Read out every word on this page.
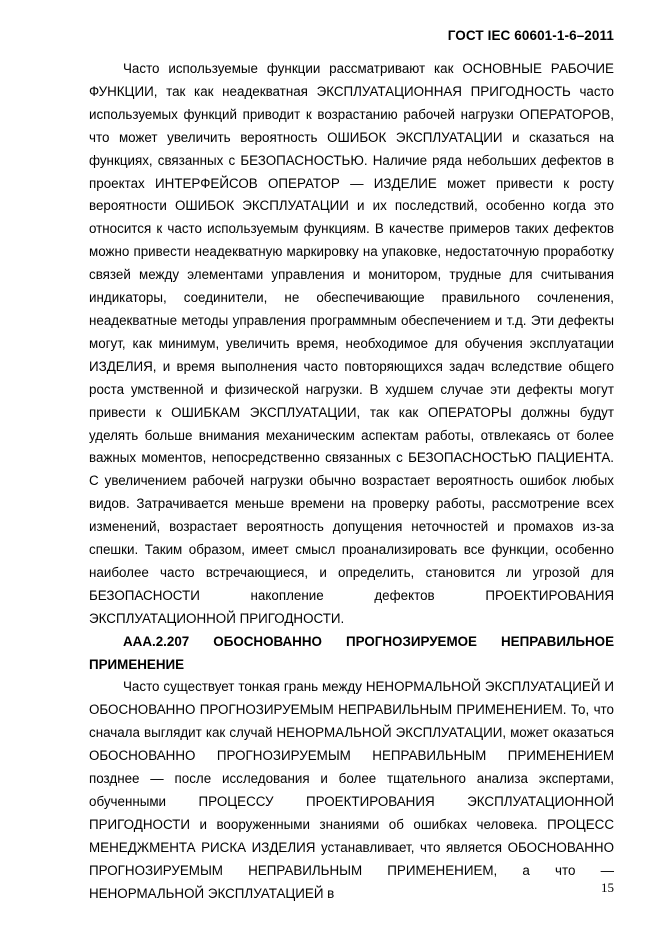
ГОСТ IEC 60601-1-6–2011

Часто используемые функции рассматривают как ОСНОВНЫЕ РАБОЧИЕ ФУНКЦИИ, так как неадекватная ЭКСПЛУАТАЦИОННАЯ ПРИГОДНОСТЬ часто используемых функций приводит к возрастанию рабочей нагрузки ОПЕРАТОРОВ, что может увеличить вероятность ОШИБОК ЭКСПЛУАТАЦИИ и сказаться на функциях, связанных с БЕЗОПАСНОСТЬЮ. Наличие ряда небольших дефектов в проектах ИНТЕРФЕЙСОВ ОПЕРАТОР — ИЗДЕЛИЕ может привести к росту вероятности ОШИБОК ЭКСПЛУАТАЦИИ и их последствий, особенно когда это относится к часто используемым функциям. В качестве примеров таких дефектов можно привести неадекватную маркировку на упаковке, недостаточную проработку связей между элементами управления и монитором, трудные для считывания индикаторы, соединители, не обеспечивающие правильного сочленения, неадекватные методы управления программным обеспечением и т.д. Эти дефекты могут, как минимум, увеличить время, необходимое для обучения эксплуатации ИЗДЕЛИЯ, и время выполнения часто повторяющихся задач вследствие общего роста умственной и физической нагрузки. В худшем случае эти дефекты могут привести к ОШИБКАМ ЭКСПЛУАТАЦИИ, так как ОПЕРАТОРЫ должны будут уделять больше внимания механическим аспектам работы, отвлекаясь от более важных моментов, непосредственно связанных с БЕЗОПАСНОСТЬЮ ПАЦИЕНТА. С увеличением рабочей нагрузки обычно возрастает вероятность ошибок любых видов. Затрачивается меньше времени на проверку работы, рассмотрение всех изменений, возрастает вероятность допущения неточностей и промахов из-за спешки. Таким образом, имеет смысл проанализировать все функции, особенно наиболее часто встречающиеся, и определить, становится ли угрозой для БЕЗОПАСНОСТИ накопление дефектов ПРОЕКТИРОВАНИЯ ЭКСПЛУАТАЦИОННОЙ ПРИГОДНОСТИ.

AAA.2.207 ОБОСНОВАННО ПРОГНОЗИРУЕМОЕ НЕПРАВИЛЬНОЕ

ПРИМЕНЕНИЕ

Часто существует тонкая грань между НЕНОРМАЛЬНОЙ ЭКСПЛУАТАЦИЕЙ И ОБОСНОВАННО ПРОГНОЗИРУЕМЫМ НЕПРАВИЛЬНЫМ ПРИМЕНЕНИЕМ. То, что сначала выглядит как случай НЕНОРМАЛЬНОЙ ЭКСПЛУАТАЦИИ, может оказаться ОБОСНОВАННО ПРОГНОЗИРУЕМЫМ НЕПРАВИЛЬНЫМ ПРИМЕНЕНИЕМ позднее — после исследования и более тщательного анализа экспертами, обученными ПРОЦЕССУ ПРОЕКТИРОВАНИЯ ЭКСПЛУАТАЦИОННОЙ ПРИГОДНОСТИ и вооруженными знаниями об ошибках человека. ПРОЦЕСС МЕНЕДЖМЕНТА РИСКА ИЗДЕЛИЯ устанавливает, что является ОБОСНОВАННО ПРОГНОЗИРУЕМЫМ НЕПРАВИЛЬНЫМ ПРИМЕНЕНИЕМ, а что — НЕНОРМАЛЬНОЙ ЭКСПЛУАТАЦИЕЙ в	15
